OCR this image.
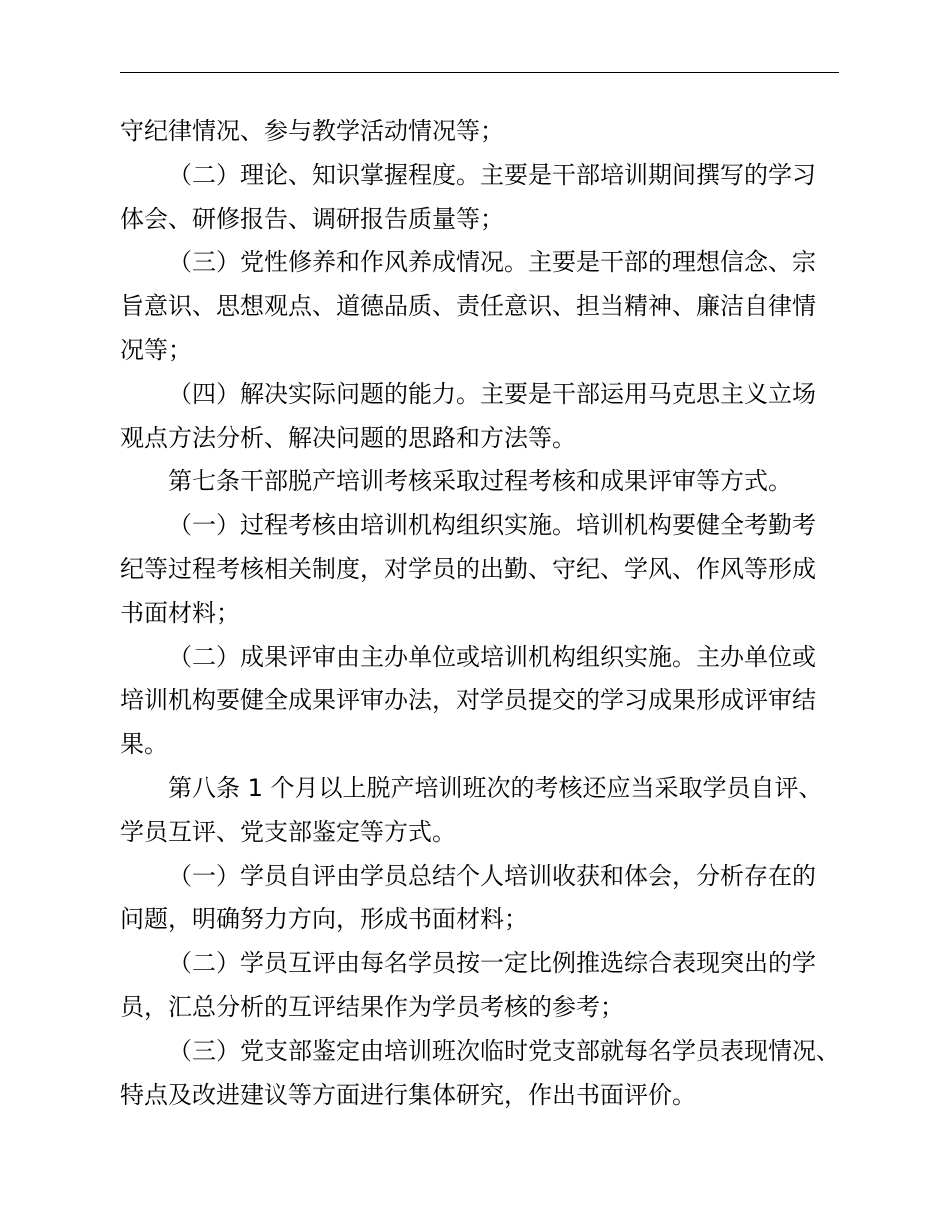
守纪律情况、参与教学活动情况等；
（二）理论、知识掌握程度。主要是干部培训期间撰写的学习
体会、研修报告、调研报告质量等；
（三）党性修养和作风养成情况。主要是干部的理想信念、宗
旨意识、思想观点、道德品质、责任意识、担当精神、廉洁自律情
况等；
（四）解决实际问题的能力。主要是干部运用马克思主义立场
观点方法分析、解决问题的思路和方法等。
第七条干部脱产培训考核采取过程考核和成果评审等方式。
（一）过程考核由培训机构组织实施。培训机构要健全考勤考
纪等过程考核相关制度，对学员的出勤、守纪、学风、作风等形成
书面材料；
（二）成果评审由主办单位或培训机构组织实施。主办单位或
培训机构要健全成果评审办法，对学员提交的学习成果形成评审结
果。
第八条 1 个月以上脱产培训班次的考核还应当采取学员自评、
学员互评、党支部鉴定等方式。
（一）学员自评由学员总结个人培训收获和体会，分析存在的
问题，明确努力方向，形成书面材料；
（二）学员互评由每名学员按一定比例推选综合表现突出的学
员，汇总分析的互评结果作为学员考核的参考；
（三）党支部鉴定由培训班次临时党支部就每名学员表现情况、
特点及改进建议等方面进行集体研究，作出书面评价。
